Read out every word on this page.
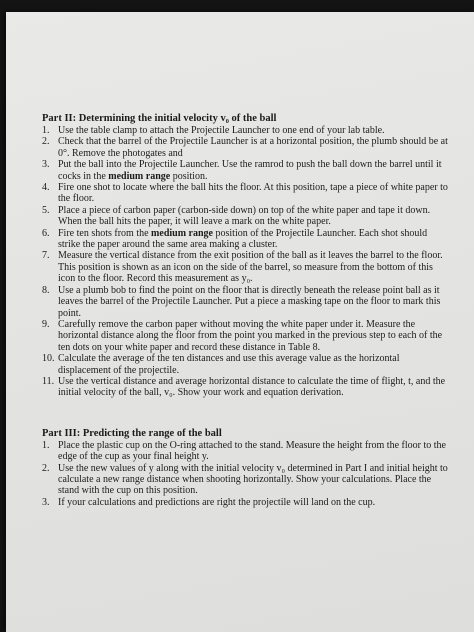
Part II: Determining the initial velocity v₀ of the ball

1. Use the table clamp to attach the Projectile Launcher to one end of your lab table.
2. Check that the barrel of the Projectile Launcher is at a horizontal position, the plumb should be at 0°. Remove the photogates and
3. Put the ball into the Projectile Launcher. Use the ramrod to push the ball down the barrel until it cocks in the medium range position.
4. Fire one shot to locate where the ball hits the floor. At this position, tape a piece of white paper to the floor.
5. Place a piece of carbon paper (carbon-side down) on top of the white paper and tape it down. When the ball hits the paper, it will leave a mark on the white paper.
6. Fire ten shots from the medium range position of the Projectile Launcher. Each shot should strike the paper around the same area making a cluster.
7. Measure the vertical distance from the exit position of the ball as it leaves the barrel to the floor. This position is shown as an icon on the side of the barrel, so measure from the bottom of this icon to the floor. Record this measurement as y₀.
8. Use a plumb bob to find the point on the floor that is directly beneath the release point ball as it leaves the barrel of the Projectile Launcher. Put a piece a masking tape on the floor to mark this point.
9. Carefully remove the carbon paper without moving the white paper under it. Measure the horizontal distance along the floor from the point you marked in the previous step to each of the ten dots on your white paper and record these distance in Table 8.
10. Calculate the average of the ten distances and use this average value as the horizontal displacement of the projectile.
11. Use the vertical distance and average horizontal distance to calculate the time of flight, t, and the initial velocity of the ball, v₀. Show your work and equation derivation.

Part III: Predicting the range of the ball

1. Place the plastic cup on the O-ring attached to the stand. Measure the height from the floor to the edge of the cup as your final height y.
2. Use the new values of y along with the initial velocity v₀ determined in Part I and initial height to calculate a new range distance when shooting horizontally. Show your calculations. Place the stand with the cup on this position.
3. If your calculations and predictions are right the projectile will land on the cup.
